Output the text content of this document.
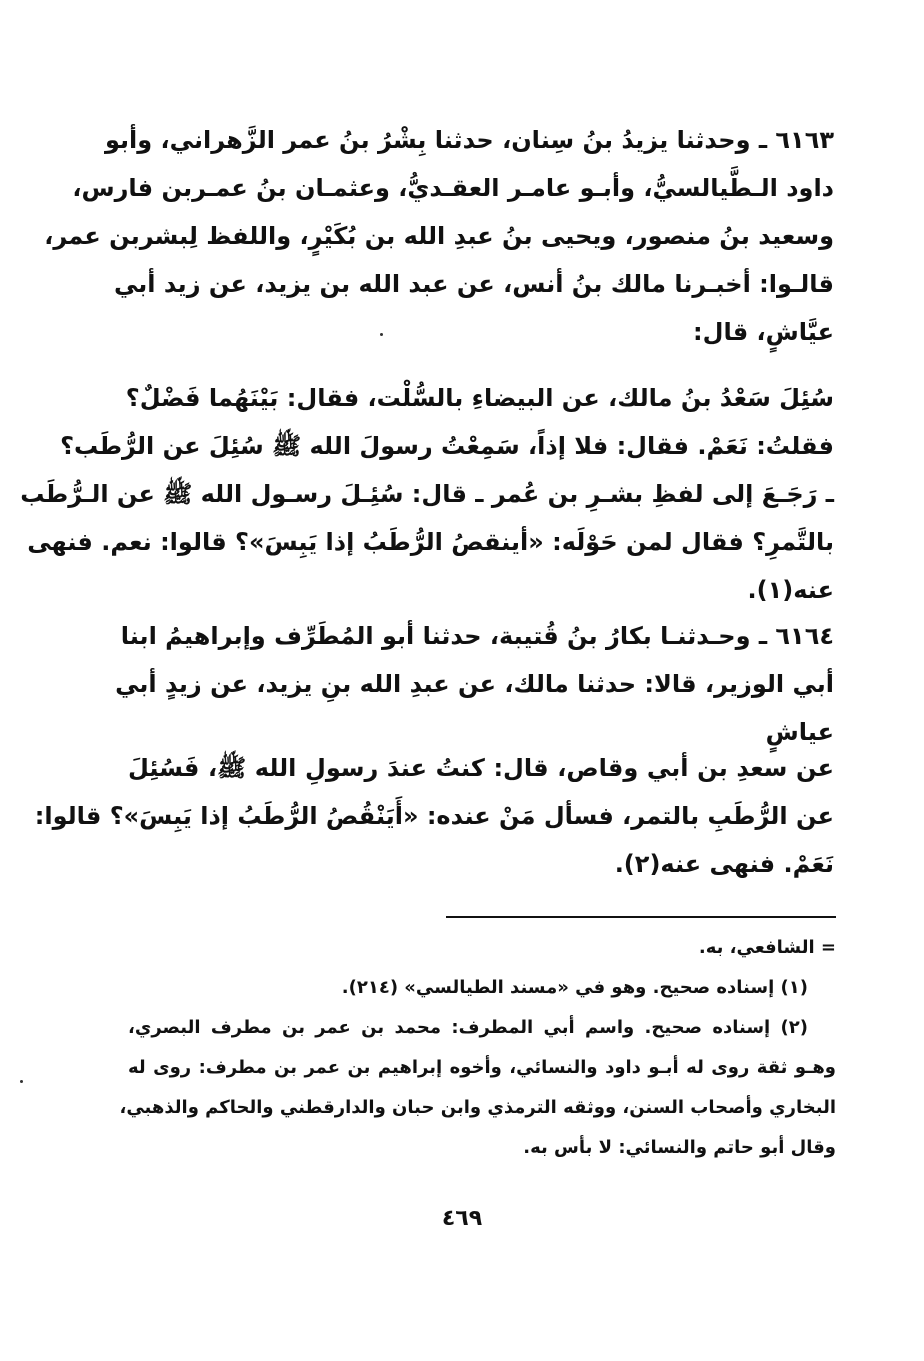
٦١٦٣ ـ وحدثنا يزيدُ بنُ سِنان، حدثنا بِشْرُ بنُ عمر الزَّهراني، وأبو
داود الـطَّيالسيُّ، وأبـو عامـر العقـديُّ، وعثمـان بنُ عمـربن فارس،
وسعيد بنُ منصور، ويحيى بنُ عبدِ الله بن بُكَيْرٍ، واللفظ لِبشربن عمر،
قالـوا: أخبـرنا مالك بنُ أنس، عن عبد الله بن يزيد، عن زيد أبي
عيَّاشٍ، قال:
سُئِلَ سَعْدُ بنُ مالك، عن البيضاءِ بالسُّلْت، فقال: بَيْنَهُما فَضْلٌ؟
فقلتُ: نَعَمْ. فقال: فلا إذاً، سَمِعْتُ رسولَ الله ﷺ سُئِلَ عن الرُّطَب؟
ـ رَجَـعَ إلى لفظِ بشـرِ بن عُمر ـ قال: سُئِـلَ رسـول الله ﷺ عن الـرُّطَب
بالتَّمرِ؟ فقال لمن حَوْلَه: «أينقصُ الرُّطَبُ إذا يَبِسَ»؟ قالوا: نعم. فنهى
عنه(١).
٦١٦٤ ـ وحـدثنـا بكارُ بنُ قُتيبة، حدثنا أبو المُطَرِّف وإبراهيمُ ابنا
أبي الوزير، قالا: حدثنا مالك، عن عبدِ الله بنِ يزيد، عن زيدٍ أبي
عياشٍ
عن سعدِ بن أبي وقاص، قال: كنتُ عندَ رسولِ الله ﷺ، فَسُئِلَ
عن الرُّطَبِ بالتمر، فسأل مَنْ عنده: «أَيَنْقُصُ الرُّطَبُ إذا يَبِسَ»؟ قالوا:
نَعَمْ. فنهى عنه(٢).
= الشافعي، به.
(١) إسناده صحيح. وهو في «مسند الطيالسي» (٢١٤).
(٢) إسناده صحيح. واسم أبي المطرف: محمد بن عمر بن مطرف البصري،
وهـو ثقة روى له أبـو داود والنسائي، وأخوه إبراهيم بن عمر بن مطرف: روى له
البخاري وأصحاب السنن، ووثقه الترمذي وابن حبان والدارقطني والحاكم والذهبي،
وقال أبو حاتم والنسائي: لا بأس به.
٤٦٩
